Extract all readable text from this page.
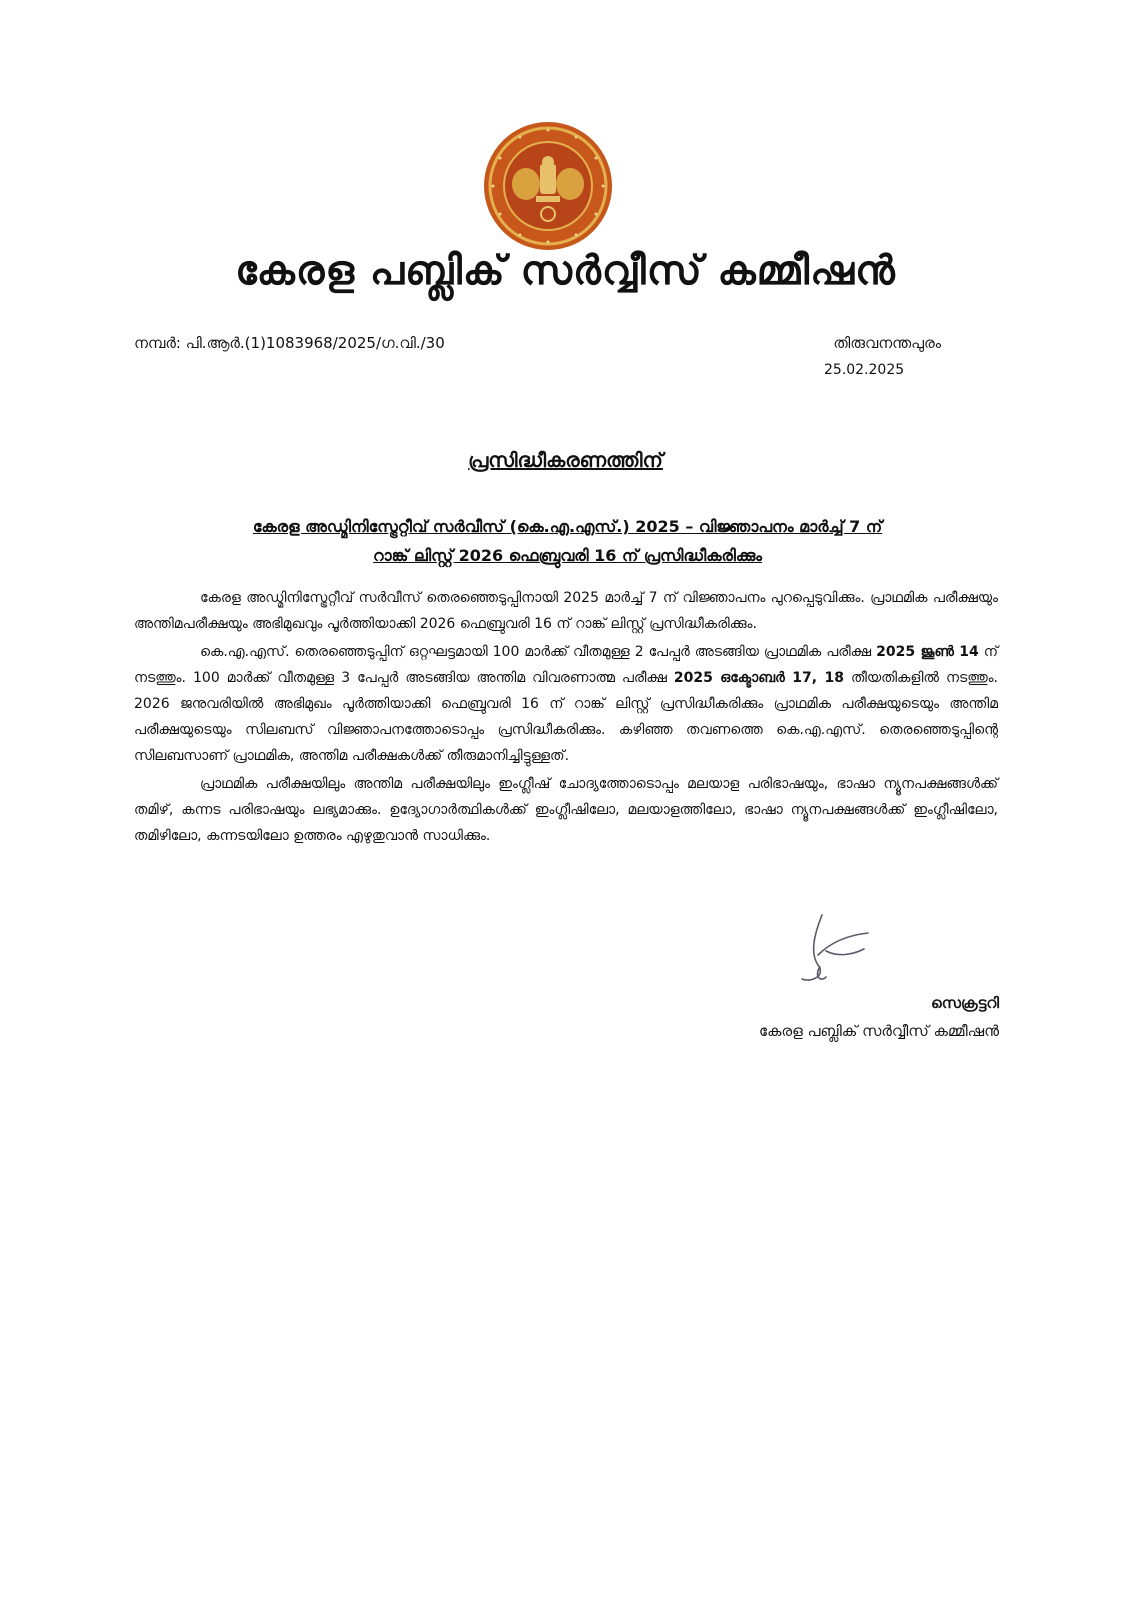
കേരള പബ്ലിക് സർവ്വീസ് കമ്മീഷൻ
നമ്പർ: പി.ആർ.(1)1083968/2025/ഗ.വി./30	തിരുവനന്തപുരം
25.02.2025
പ്രസിദ്ധീകരണത്തിന്
കേരള അഡ്മിനിസ്ട്രേറ്റീവ് സർവീസ് (കെ.എ.എസ്.) 2025 – വിജ്ഞാപനം മാർച്ച് 7 ന്
റാങ്ക് ലിസ്റ്റ് 2026 ഫെബ്രുവരി 16 ന് പ്രസിദ്ധീകരിക്കും

കേരള അഡ്മിനിസ്ട്രേറ്റീവ് സർവീസ് തെരഞ്ഞെടുപ്പിനായി 2025 മാർച്ച് 7 ന് വിജ്ഞാപനം പുറപ്പെടുവിക്കും. പ്രാഥമിക പരീക്ഷയും അന്തിമപരീക്ഷയും അഭിമുഖവും പൂർത്തിയാക്കി 2026 ഫെബ്രുവരി 16 ന് റാങ്ക് ലിസ്റ്റ് പ്രസിദ്ധീകരിക്കും.

കെ.എ.എസ്. തെരഞ്ഞെടുപ്പിന് ഒറ്റഘട്ടമായി 100 മാർക്ക് വീതമുള്ള 2 പേപ്പർ അടങ്ങിയ പ്രാഥമിക പരീക്ഷ 2025 ജൂൺ 14 ന് നടത്തും. 100 മാർക്ക് വീതമുള്ള 3 പേപ്പർ അടങ്ങിയ അന്തിമ വിവരണാത്മ പരീക്ഷ 2025 ഒക്ടോബർ 17, 18 തീയതികളിൽ നടത്തും. 2026 ജനുവരിയിൽ അഭിമുഖം പൂർത്തിയാക്കി ഫെബ്രുവരി 16 ന് റാങ്ക് ലിസ്റ്റ് പ്രസിദ്ധീകരിക്കും പ്രാഥമിക പരീക്ഷയുടെയും അന്തിമ പരീക്ഷയുടെയും സിലബസ് വിജ്ഞാപനത്തോടൊപ്പം പ്രസിദ്ധീകരിക്കും. കഴിഞ്ഞ തവണത്തെ കെ.എ.എസ്. തെരഞ്ഞെടുപ്പിന്റെ സിലബസാണ് പ്രാഥമിക, അന്തിമ പരീക്ഷകൾക്ക് തീരുമാനിച്ചിട്ടുള്ളത്.

പ്രാഥമിക പരീക്ഷയിലും അന്തിമ പരീക്ഷയിലും ഇംഗ്ലീഷ് ചോദ്യത്തോടൊപ്പം മലയാള പരിഭാഷയും, ഭാഷാ ന്യൂനപക്ഷങ്ങൾക്ക് തമിഴ്, കന്നട പരിഭാഷയും ലഭ്യമാക്കും. ഉദ്യോഗാർത്ഥികൾക്ക് ഇംഗ്ലീഷിലോ, മലയാളത്തിലോ, ഭാഷാ ന്യൂനപക്ഷങ്ങൾക്ക് ഇംഗ്ലീഷിലോ, തമിഴിലോ, കന്നടയിലോ ഉത്തരം എഴുതുവാൻ സാധിക്കും.

സെക്രട്ടറി
കേരള പബ്ലിക് സർവ്വീസ് കമ്മീഷൻ
